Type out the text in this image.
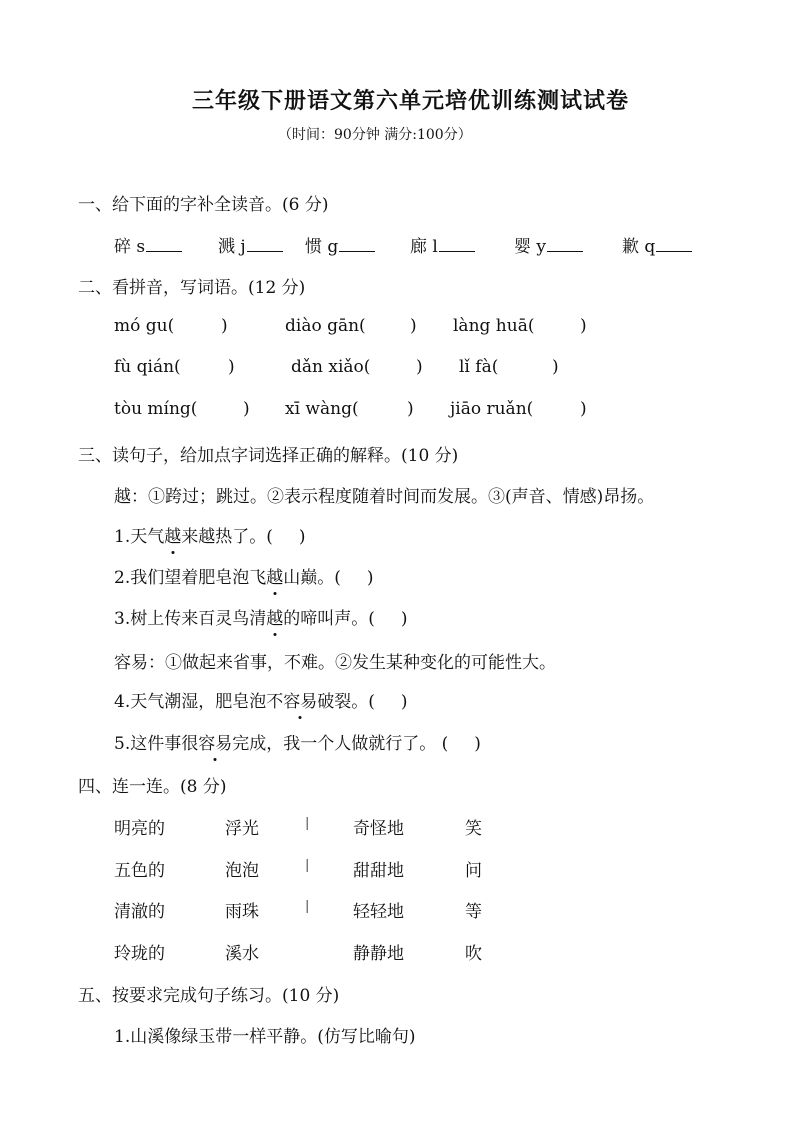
三年级下册语文第六单元培优训练测试试卷
（时间：90分钟 满分:100分）
一、给下面的字补全读音。(6 分)
碎 s	溅 j	惯 g	廊 l	婴 y	歉 q
二、看拼音，写词语。(12 分)
mó gu(	)	diào gān(	) làng huā(	)
fù qián(	)	dǎn xiǎo(	) lǐ fà(	)
tòu míng(	) xī wàng(	) jiāo ruǎn(	)
三、读句子，给加点字词选择正确的解释。(10 分)
越：①跨过；跳过。②表示程度随着时间而发展。③(声音、情感)昂扬。
1.天气越来越热了。( )
2.我们望着肥皂泡飞越山巅。( )
3.树上传来百灵鸟清越的啼叫声。( )
容易：①做起来省事，不难。②发生某种变化的可能性大。
4.天气潮湿，肥皂泡不容易破裂。( )
5.这件事很容易完成，我一个人做就行了。 ( )
四、连一连。(8 分)
明亮的	浮光	|	奇怪地	笑
五色的	泡泡	|	甜甜地	问
清澈的	雨珠	|	轻轻地	等
玲珑的	溪水	静静地	吹
五、按要求完成句子练习。(10 分)
1.山溪像绿玉带一样平静。(仿写比喻句)
